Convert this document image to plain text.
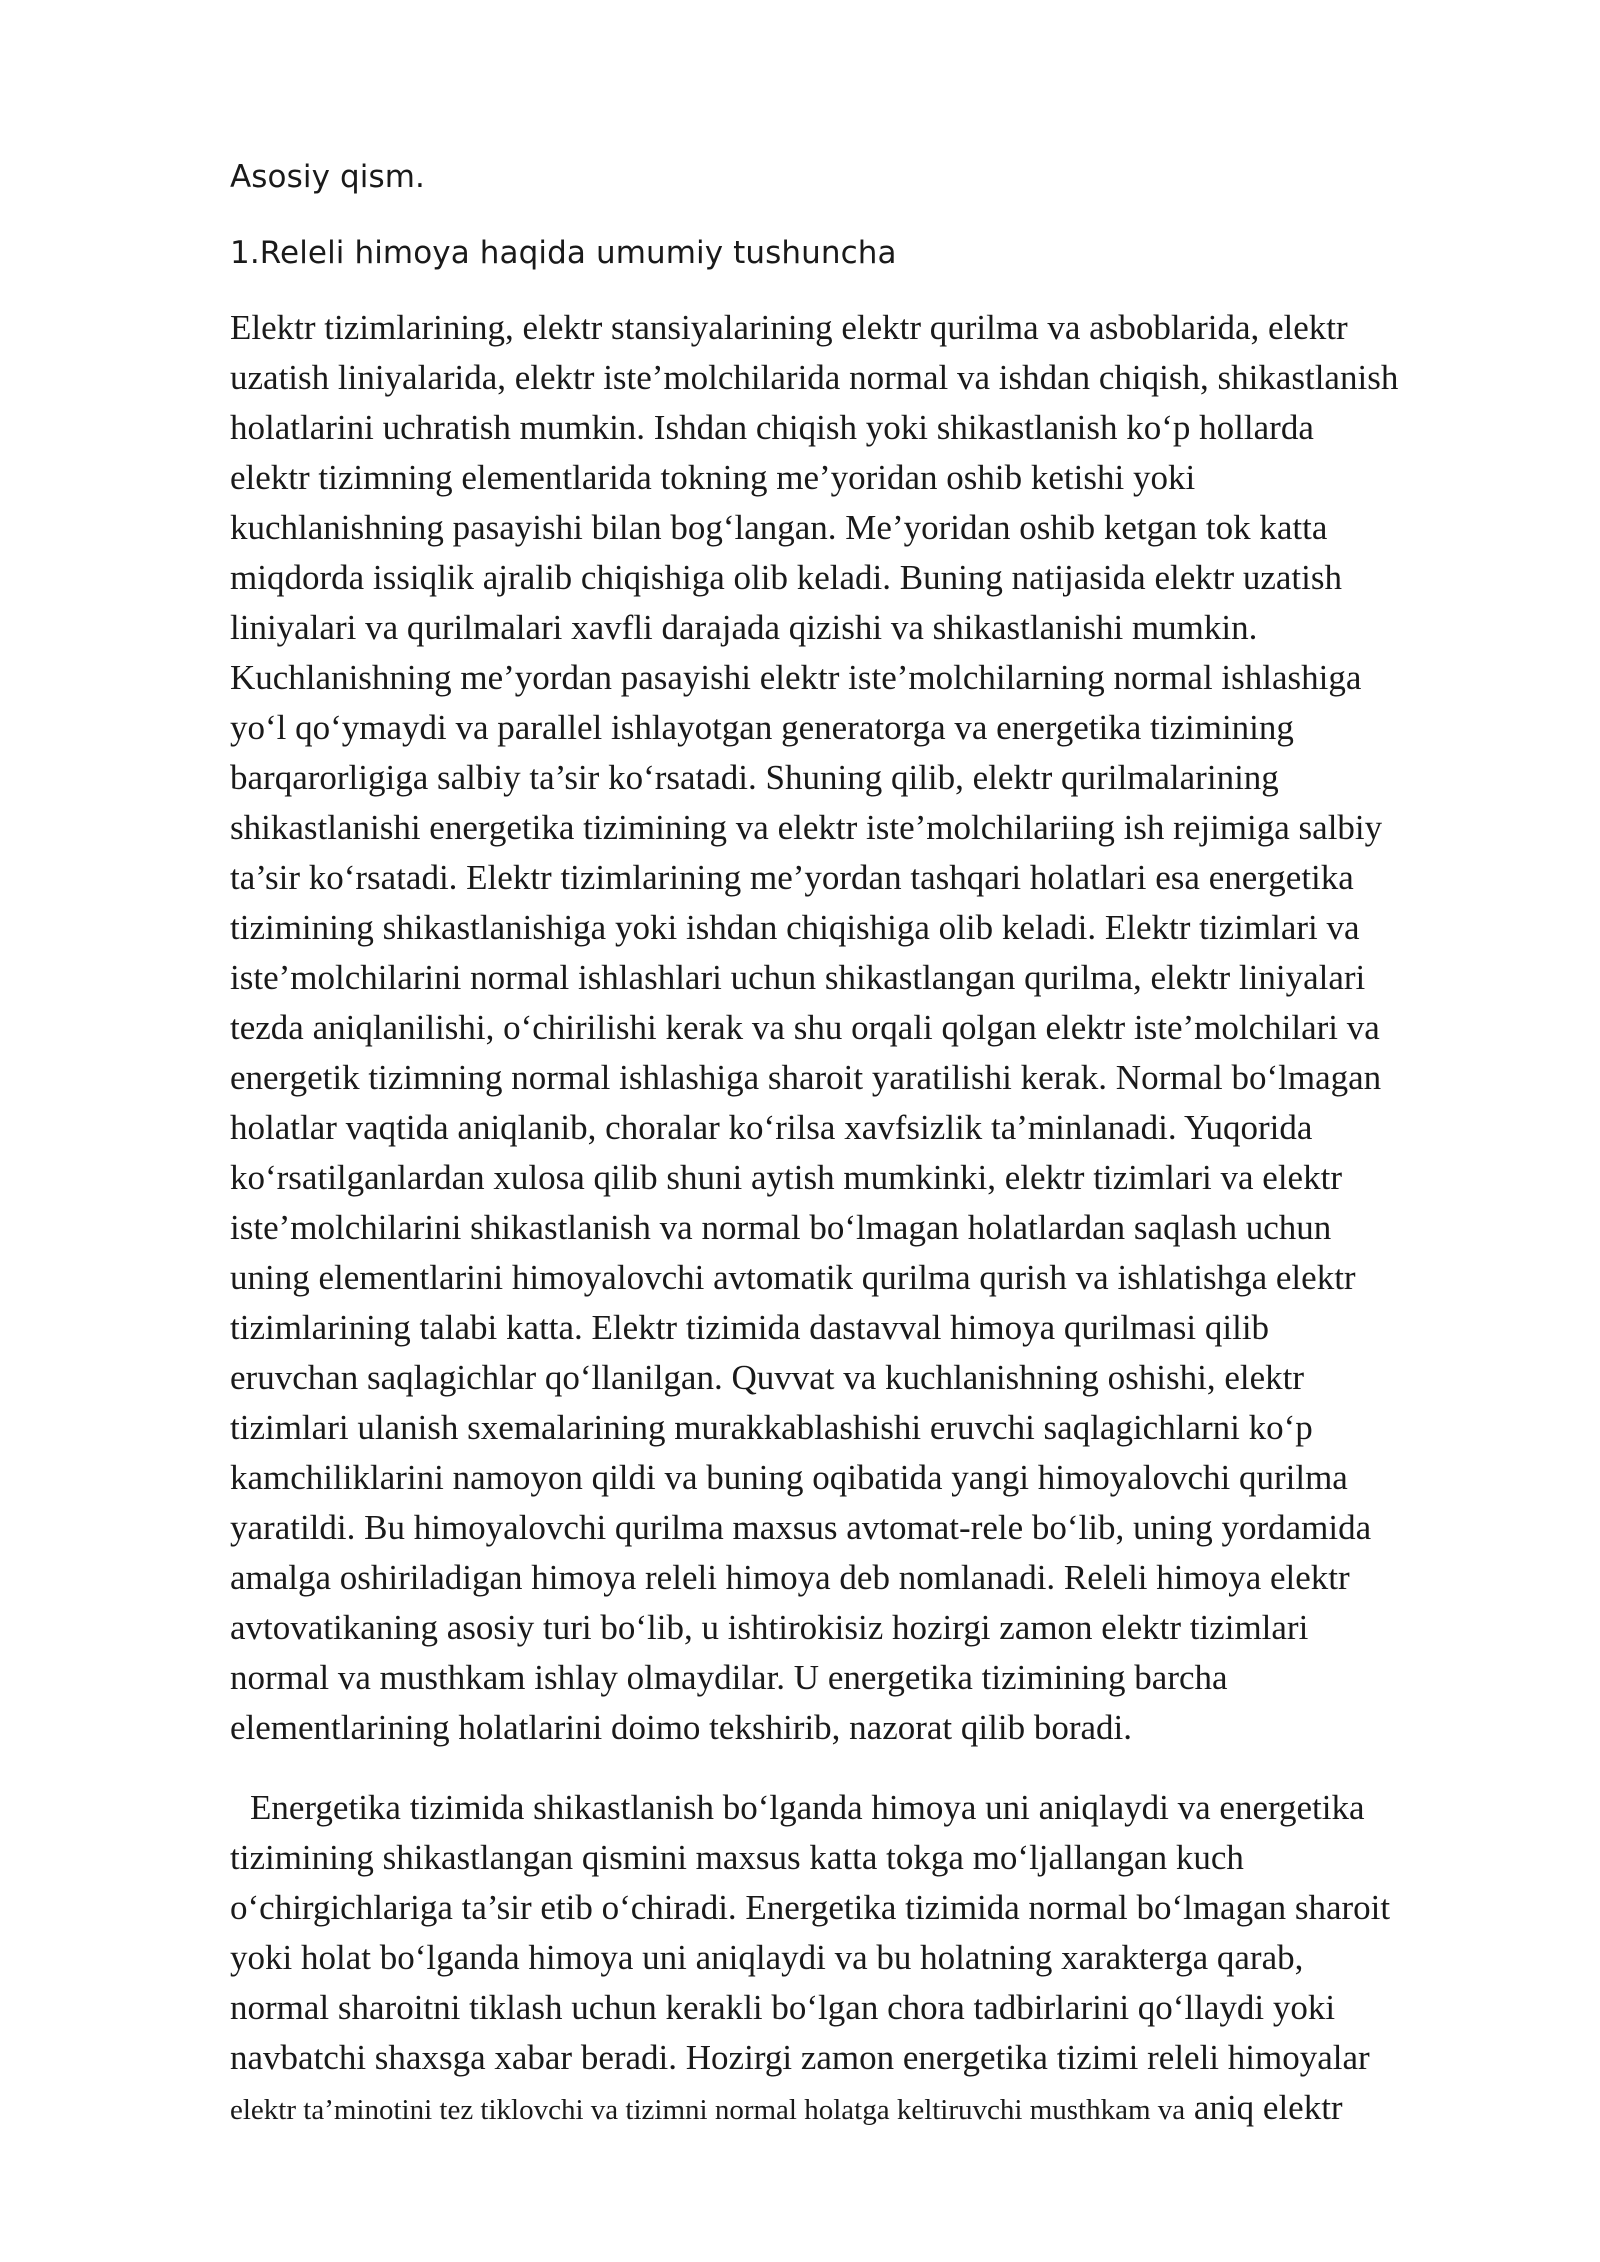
Asosiy qism.

1.Releli himoya haqida umumiy tushuncha

Elektr tizimlarining, elektr stansiyalarining elektr qurilma va asboblarida, elektr
uzatish liniyalarida, elektr iste’molchilarida normal va ishdan chiqish, shikastlanish
holatlarini uchratish mumkin. Ishdan chiqish yoki shikastlanish koʻp hollarda
elektr tizimning elementlarida tokning me’yoridan oshib ketishi yoki
kuchlanishning pasayishi bilan bogʻlangan. Me’yoridan oshib ketgan tok katta
miqdorda issiqlik ajralib chiqishiga olib keladi. Buning natijasida elektr uzatish
liniyalari va qurilmalari xavfli darajada qizishi va shikastlanishi mumkin.
Kuchlanishning me’yordan pasayishi elektr iste’molchilarning normal ishlashiga
yoʻl qoʻymaydi va parallel ishlayotgan generatorga va energetika tizimining
barqarorligiga salbiy ta’sir koʻrsatadi. Shuning qilib, elektr qurilmalarining
shikastlanishi energetika tizimining va elektr iste’molchilariing ish rejimiga salbiy
ta’sir koʻrsatadi. Elektr tizimlarining me’yordan tashqari holatlari esa energetika
tizimining shikastlanishiga yoki ishdan chiqishiga olib keladi. Elektr tizimlari va
iste’molchilarini normal ishlashlari uchun shikastlangan qurilma, elektr liniyalari
tezda aniqlanilishi, oʻchirilishi kerak va shu orqali qolgan elektr iste’molchilari va
energetik tizimning normal ishlashiga sharoit yaratilishi kerak. Normal boʻlmagan
holatlar vaqtida aniqlanib, choralar koʻrilsa xavfsizlik ta’minlanadi. Yuqorida
koʻrsatilganlardan xulosa qilib shuni aytish mumkinki, elektr tizimlari va elektr
iste’molchilarini shikastlanish va normal boʻlmagan holatlardan saqlash uchun
uning elementlarini himoyalovchi avtomatik qurilma qurish va ishlatishga elektr
tizimlarining talabi katta. Elektr tizimida dastavval himoya qurilmasi qilib
eruvchan saqlagichlar qoʻllanilgan. Quvvat va kuchlanishning oshishi, elektr
tizimlari ulanish sxemalarining murakkablashishi eruvchi saqlagichlarni koʻp
kamchiliklarini namoyon qildi va buning oqibatida yangi himoyalovchi qurilma
yaratildi. Bu himoyalovchi qurilma maxsus avtomat-rele boʻlib, uning yordamida
amalga oshiriladigan himoya releli himoya deb nomlanadi. Releli himoya elektr
avtovatikaning asosiy turi boʻlib, u ishtirokisiz hozirgi zamon elektr tizimlari
normal va musthkam ishlay olmaydilar. U energetika tizimining barcha
elementlarining holatlarini doimo tekshirib, nazorat qilib boradi.
Energetika tizimida shikastlanish boʻlganda himoya uni aniqlaydi va energetika
tizimining shikastlangan qismini maxsus katta tokga moʻljallangan kuch
oʻchirgichlariga ta’sir etib oʻchiradi. Energetika tizimida normal boʻlmagan sharoit
yoki holat boʻlganda himoya uni aniqlaydi va bu holatning xarakterga qarab,
normal sharoitni tiklash uchun kerakli boʻlgan chora tadbirlarini qoʻllaydi yoki
navbatchi shaxsga xabar beradi. Hozirgi zamon energetika tizimi releli himoyalar
elektr ta’minotini tez tiklovchi va tizimni normal holatga keltiruvchi musthkam va aniq elektr
